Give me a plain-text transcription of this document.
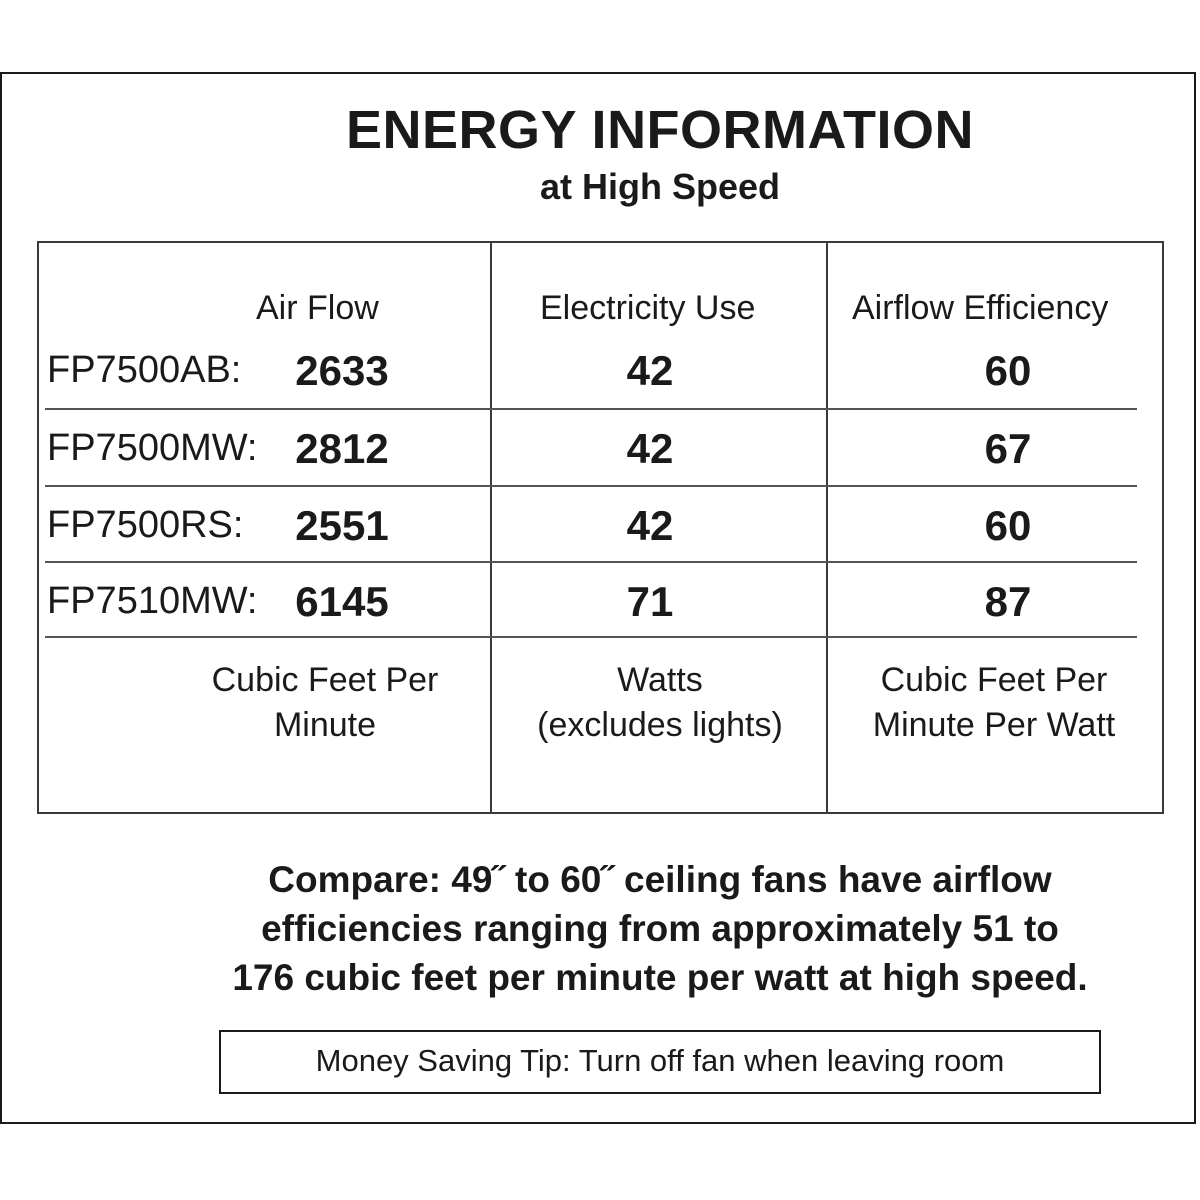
ENERGY INFORMATION
at High Speed
Air Flow	Electricity Use	Airflow Efficiency
FP7500AB:	2633	42	60
FP7500MW: 2812	42	67
FP7500RS:	2551	42	60
FP7510MW: 6145	71	87
Cubic Feet Per
Minute
Watts
(excludes lights)
Cubic Feet Per
Minute Per Watt
Compare: 49˝ to 60˝ ceiling fans have airflow
efficiencies ranging from approximately 51 to
176 cubic feet per minute per watt at high speed.
Money Saving Tip: Turn off fan when leaving room
